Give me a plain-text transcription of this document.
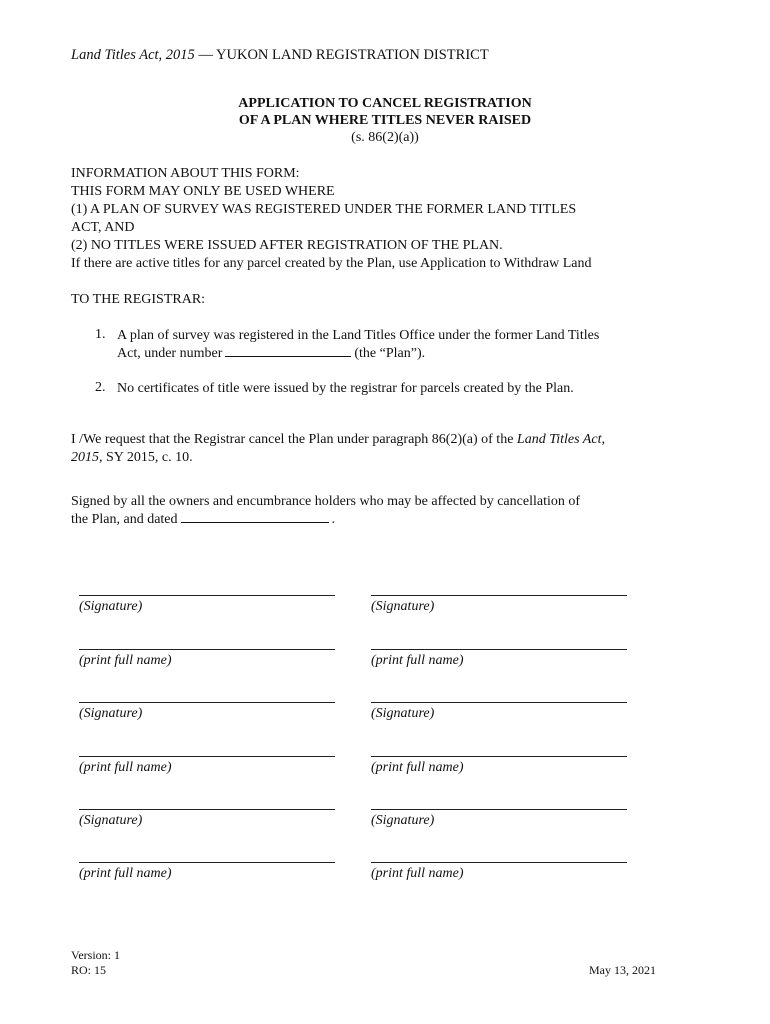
Land Titles Act, 2015 — YUKON LAND REGISTRATION DISTRICT
APPLICATION TO CANCEL REGISTRATION
OF A PLAN WHERE TITLES NEVER RAISED
(s. 86(2)(a))
INFORMATION ABOUT THIS FORM:
THIS FORM MAY ONLY BE USED WHERE
(1) A PLAN OF SURVEY WAS REGISTERED UNDER THE FORMER LAND TITLES
ACT, AND
(2) NO TITLES WERE ISSUED AFTER REGISTRATION OF THE PLAN.
If there are active titles for any parcel created by the Plan, use Application to Withdraw Land
TO THE REGISTRAR:
1. A plan of survey was registered in the Land Titles Office under the former Land Titles
Act, under number	(the “Plan”).
2. No certificates of title were issued by the registrar for parcels created by the Plan.
I /We request that the Registrar cancel the Plan under paragraph 86(2)(a) of the Land Titles Act,
2015, SY 2015, c. 10.
Signed by all the owners and encumbrance holders who may be affected by cancellation of
the Plan, and dated	.
(Signature)
(print full name)
(Signature)
(print full name)
(Signature)
(print full name)
(Signature)
(print full name)
(Signature)
(print full name)
(Signature)
(print full name)
Version: 1
RO: 15	May 13, 2021
